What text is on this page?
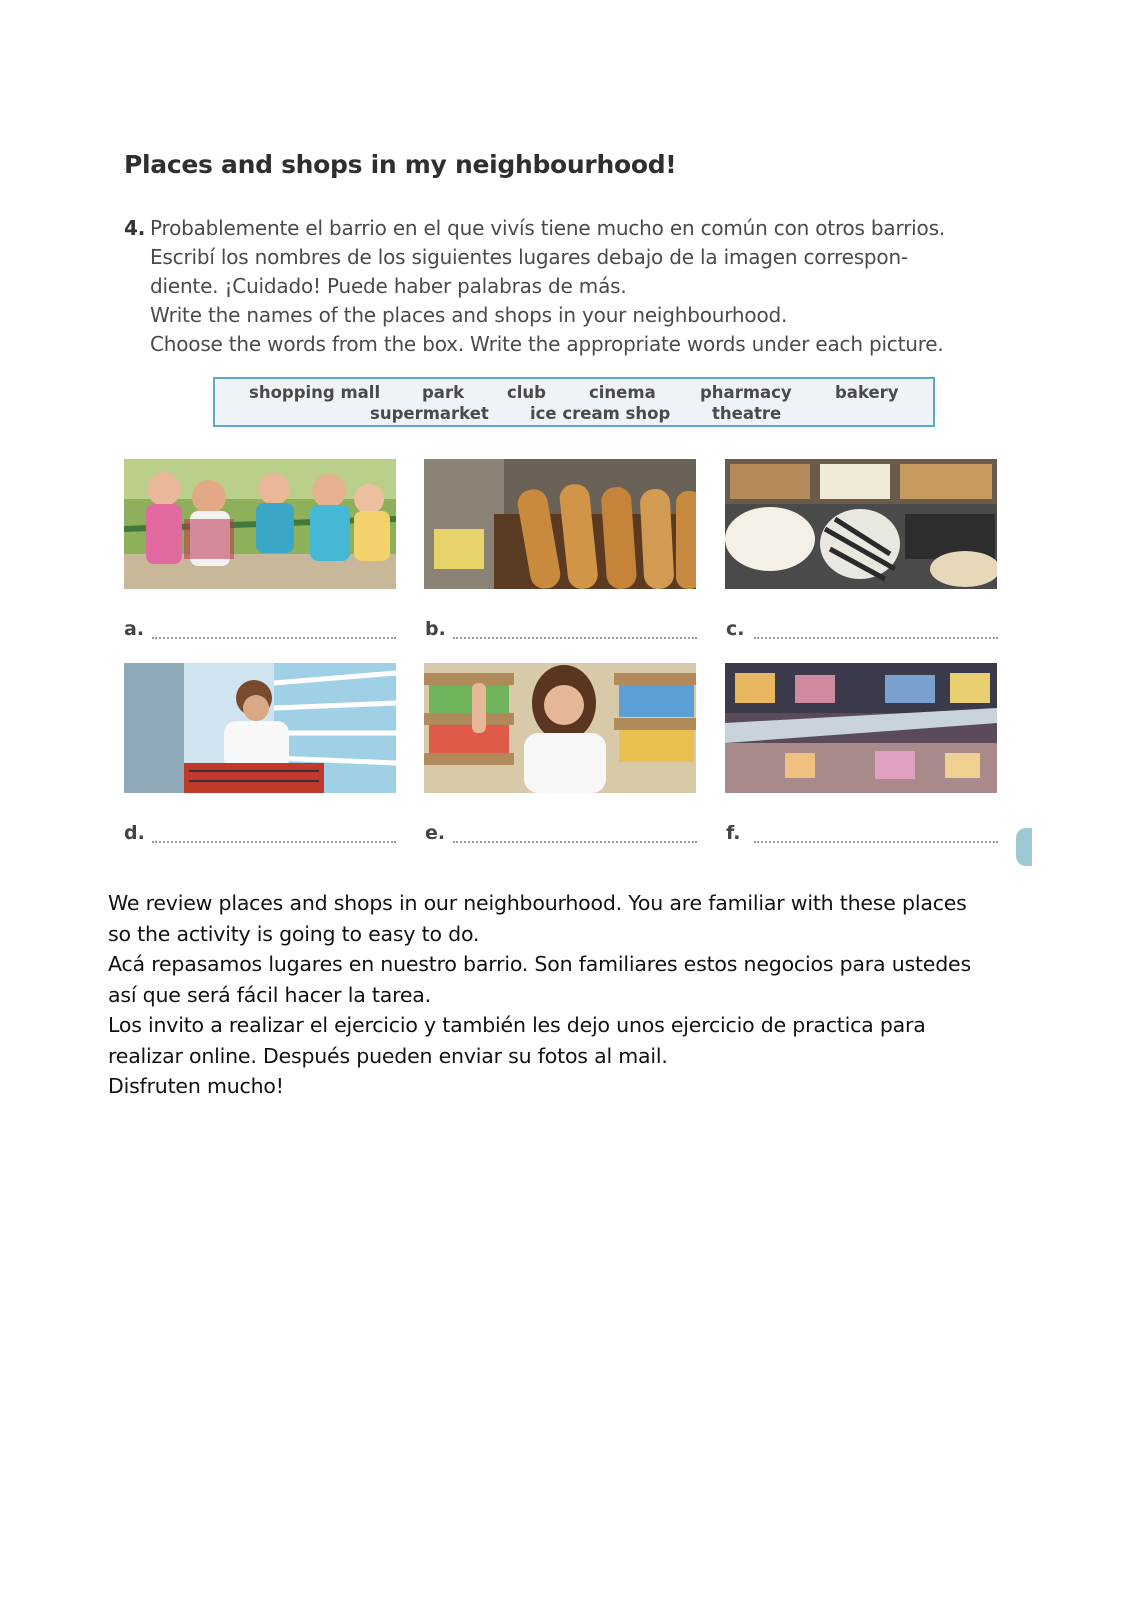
Places and shops in my neighbourhood!
4. Probablemente el barrio en el que vivís tiene mucho en común con otros barrios.
Escribí los nombres de los siguientes lugares debajo de la imagen correspon-
diente. ¡Cuidado! Puede haber palabras de más.
Write the names of the places and shops in your neighbourhood.
Choose the words from the box. Write the appropriate words under each picture.
shopping mall	park	club	cinema	pharmacy	bakery
supermarket ice cream shop	theatre
a.	b.	c.
d.	e.	f.
We review places and shops in our neighbourhood. You are familiar with these places
so the activity is going to easy to do.
Acá repasamos lugares en nuestro barrio. Son familiares estos negocios para ustedes
así que será fácil hacer la tarea.
Los invito a realizar el ejercicio y también les dejo unos ejercicio de practica para
realizar online. Después pueden enviar su fotos al mail.
Disfruten mucho!
